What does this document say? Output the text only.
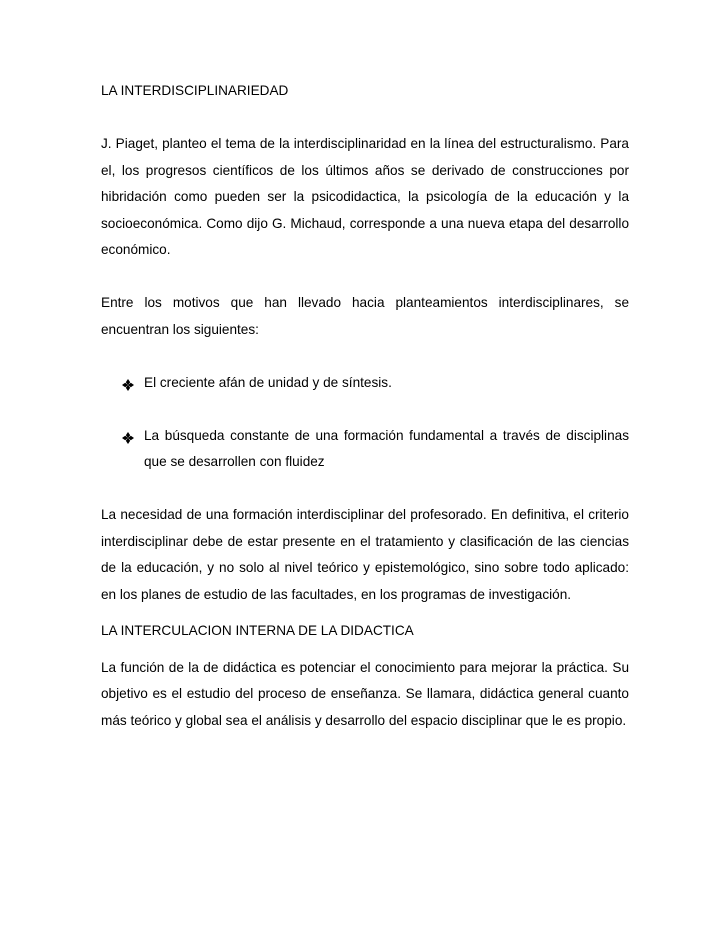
LA INTERDISCIPLINARIEDAD

J. Piaget, planteo el tema de la interdisciplinaridad en la línea del estructuralismo. Para el, los progresos científicos de los últimos años se derivado de construcciones por hibridación como pueden ser la psicodidactica, la psicología de la educación y la socioeconómica. Como dijo G. Michaud, corresponde a una nueva etapa del desarrollo económico.

Entre los motivos que han llevado hacia planteamientos interdisciplinares, se encuentran los siguientes:

El creciente afán de unidad y de síntesis.
La búsqueda constante de una formación fundamental a través de disciplinas que se desarrollen con fluidez

La necesidad de una formación interdisciplinar del profesorado. En definitiva, el criterio interdisciplinar debe de estar presente en el tratamiento y clasificación de las ciencias de la educación, y no solo al nivel teórico y epistemológico, sino sobre todo aplicado: en los planes de estudio de las facultades, en los programas de investigación.

LA INTERCULACION INTERNA DE LA DIDACTICA

La función de la de didáctica es potenciar el conocimiento para mejorar la práctica. Su objetivo es el estudio del proceso de enseñanza. Se llamara, didáctica general cuanto más teórico y global sea el análisis y desarrollo del espacio disciplinar que le es propio.
